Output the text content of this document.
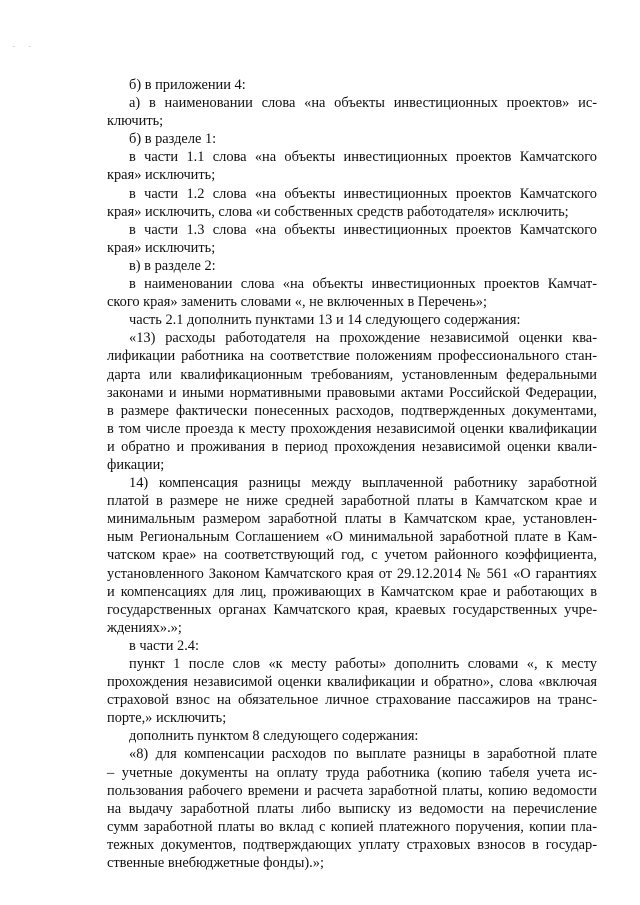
· ·
б) в приложении 4:
а) в наименовании слова «на объекты инвестиционных проектов» ис-
ключить;
б) в разделе 1:
в части 1.1 слова «на объекты инвестиционных проектов Камчатского
края» исключить;
в части 1.2 слова «на объекты инвестиционных проектов Камчатского
края» исключить, слова «и собственных средств работодателя» исключить;
в части 1.3 слова «на объекты инвестиционных проектов Камчатского
края» исключить;
в) в разделе 2:
в наименовании слова «на объекты инвестиционных проектов Камчат-
ского края» заменить словами «, не включенных в Перечень»;
часть 2.1 дополнить пунктами 13 и 14 следующего содержания:
«13) расходы работодателя на прохождение независимой оценки ква-
лификации работника на соответствие положениям профессионального стан-
дарта или квалификационным требованиям, установленным федеральными
законами и иными нормативными правовыми актами Российской Федерации,
в размере фактически понесенных расходов, подтвержденных документами,
в том числе проезда к месту прохождения независимой оценки квалификации
и обратно и проживания в период прохождения независимой оценки квали-
фикации;
14) компенсация разницы между выплаченной работнику заработной
платой в размере не ниже средней заработной платы в Камчатском крае и
минимальным размером заработной платы в Камчатском крае, установлен-
ным Региональным Соглашением «О минимальной заработной плате в Кам-
чатском крае» на соответствующий год, с учетом районного коэффициента,
установленного Законом Камчатского края от 29.12.2014 № 561 «О гарантиях
и компенсациях для лиц, проживающих в Камчатском крае и работающих в
государственных органах Камчатского края, краевых государственных учре-
ждениях».»;
в части 2.4:
пункт 1 после слов «к месту работы» дополнить словами «, к месту
прохождения независимой оценки квалификации и обратно», слова «включая
страховой взнос на обязательное личное страхование пассажиров на транс-
порте,» исключить;
дополнить пунктом 8 следующего содержания:
«8) для компенсации расходов по выплате разницы в заработной плате
– учетные документы на оплату труда работника (копию табеля учета ис-
пользования рабочего времени и расчета заработной платы, копию ведомости
на выдачу заработной платы либо выписку из ведомости на перечисление
сумм заработной платы во вклад с копией платежного поручения, копии пла-
тежных документов, подтверждающих уплату страховых взносов в государ-
ственные внебюджетные фонды).»;
